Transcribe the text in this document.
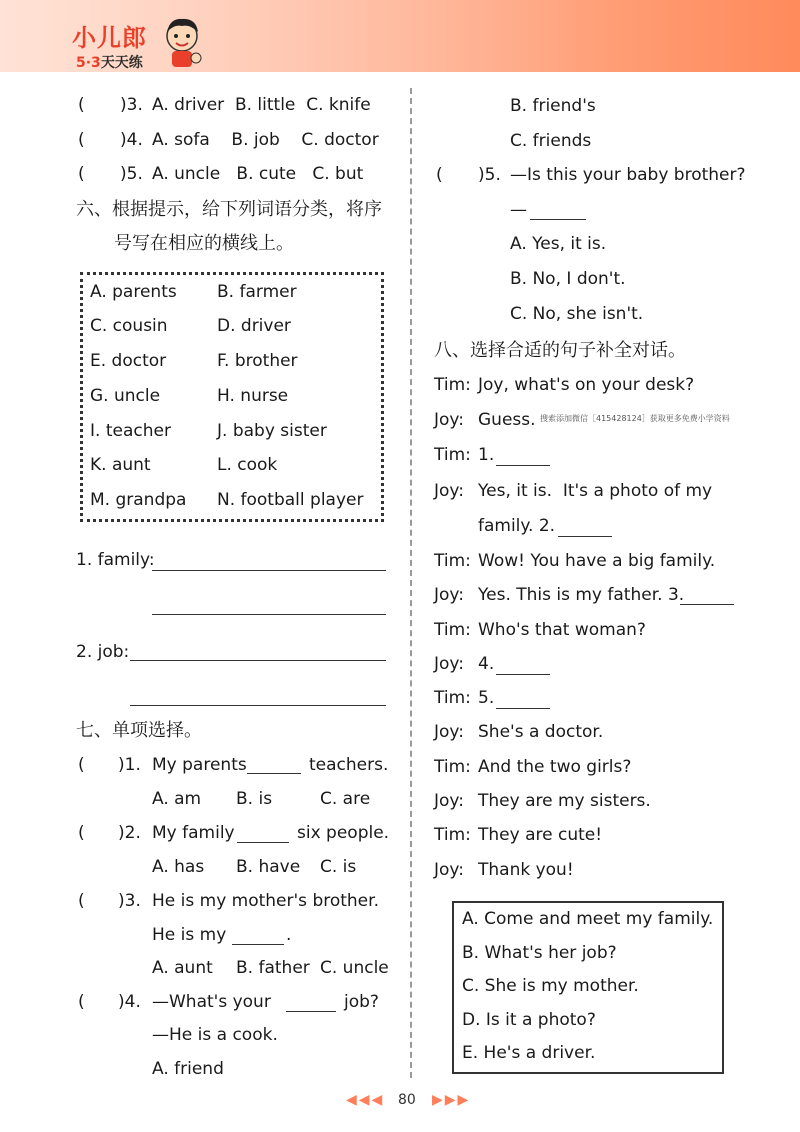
小儿郎
5·3天天练
( )3. A. driver  B. little  C. knife
( )4. A. sofa    B. job    C. doctor
( )5. A. uncle   B. cute   C. but
六、根据提示，给下列词语分类，将序
号写在相应的横线上。
A. parents B. farmer
C. cousin	D. driver
E. doctor	F. brother
G. uncle	H. nurse
I. teacher	J. baby sister
K. aunt	L. cook
M. grandpa N. football player
1. family:
2. job:
七、单项选择。
( )1. My parents	teachers.
A. am B. is	C. are
( )2. My family	six people.
A. has B. have C. is
( )3. He is my mother's brother.
He is my	.
A. aunt B. father C. uncle
( )4. —What's your	job?
—He is a cook.
A. friend
B. friend's
C. friends
( )5. —Is this your baby brother?
—
A. Yes, it is.
B. No, I don't.
C. No, she isn't.
八、选择合适的句子补全对话。
Tim: Joy, what's on your desk?
Joy: Guess. 搜索添加微信［415428124］获取更多免费小学资料
Tim: 1.
Joy: Yes, it is.  It's a photo of my
family. 2.
Tim: Wow! You have a big family.
Joy: Yes. This is my father. 3.
Tim: Who's that woman?
Joy: 4.
Tim: 5.
Joy: She's a doctor.
Tim: And the two girls?
Joy: They are my sisters.
Tim: They are cute!
Joy: Thank you!
A. Come and meet my family.
B. What's her job?
C. She is my mother.
D. Is it a photo?
E. He's a driver.
◀◀◀ 80 ▶▶▶
